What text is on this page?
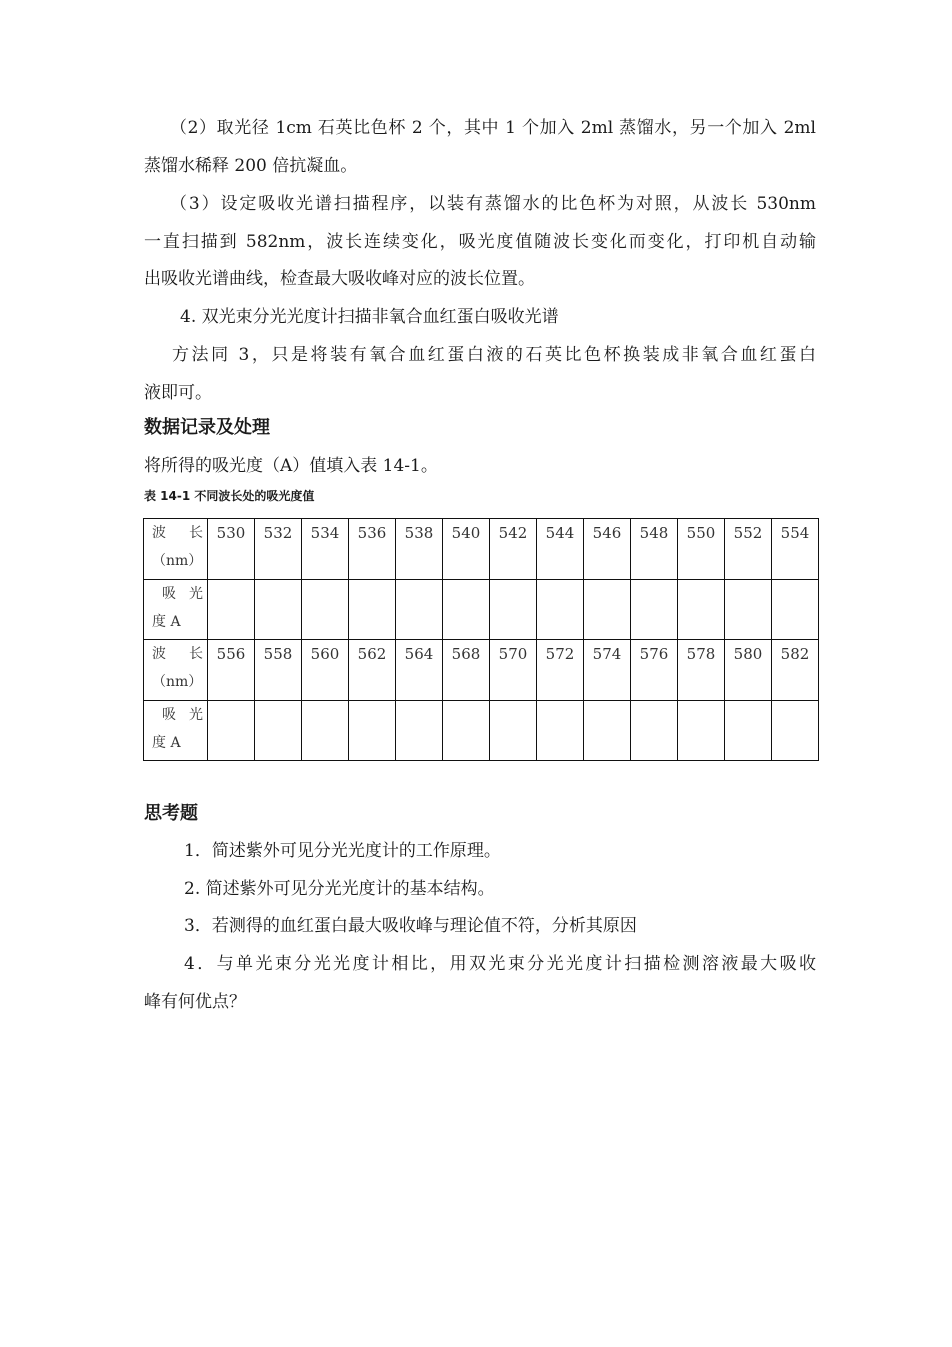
（2）取光径 1cm 石英比色杯 2 个，其中 1 个加入 2ml 蒸馏水，另一个加入 2ml
蒸馏水稀释 200 倍抗凝血。
（3）设定吸收光谱扫描程序，以装有蒸馏水的比色杯为对照，从波长 530nm
一直扫描到 582nm，波长连续变化，吸光度值随波长变化而变化，打印机自动输
出吸收光谱曲线，检查最大吸收峰对应的波长位置。
4. 双光束分光光度计扫描非氧合血红蛋白吸收光谱
方法同 3，只是将装有氧合血红蛋白液的石英比色杯换装成非氧合血红蛋白
液即可。
数据记录及处理
将所得的吸光度（A）值填入表 14-1。
表 14-1 不同波长处的吸光度值
波　长
（nm）	530	532	534	536	538	540	542	544	546	548	550	552	554

吸光
度 A													

波　长
（nm）	556	558	560	562	564	568	570	572	574	576	578	580	582

吸光
度 A													
思考题
1．简述紫外可见分光光度计的工作原理。
2. 简述紫外可见分光光度计的基本结构。
3．若测得的血红蛋白最大吸收峰与理论值不符，分析其原因
4．与单光束分光光度计相比，用双光束分光光度计扫描检测溶液最大吸收
峰有何优点？
